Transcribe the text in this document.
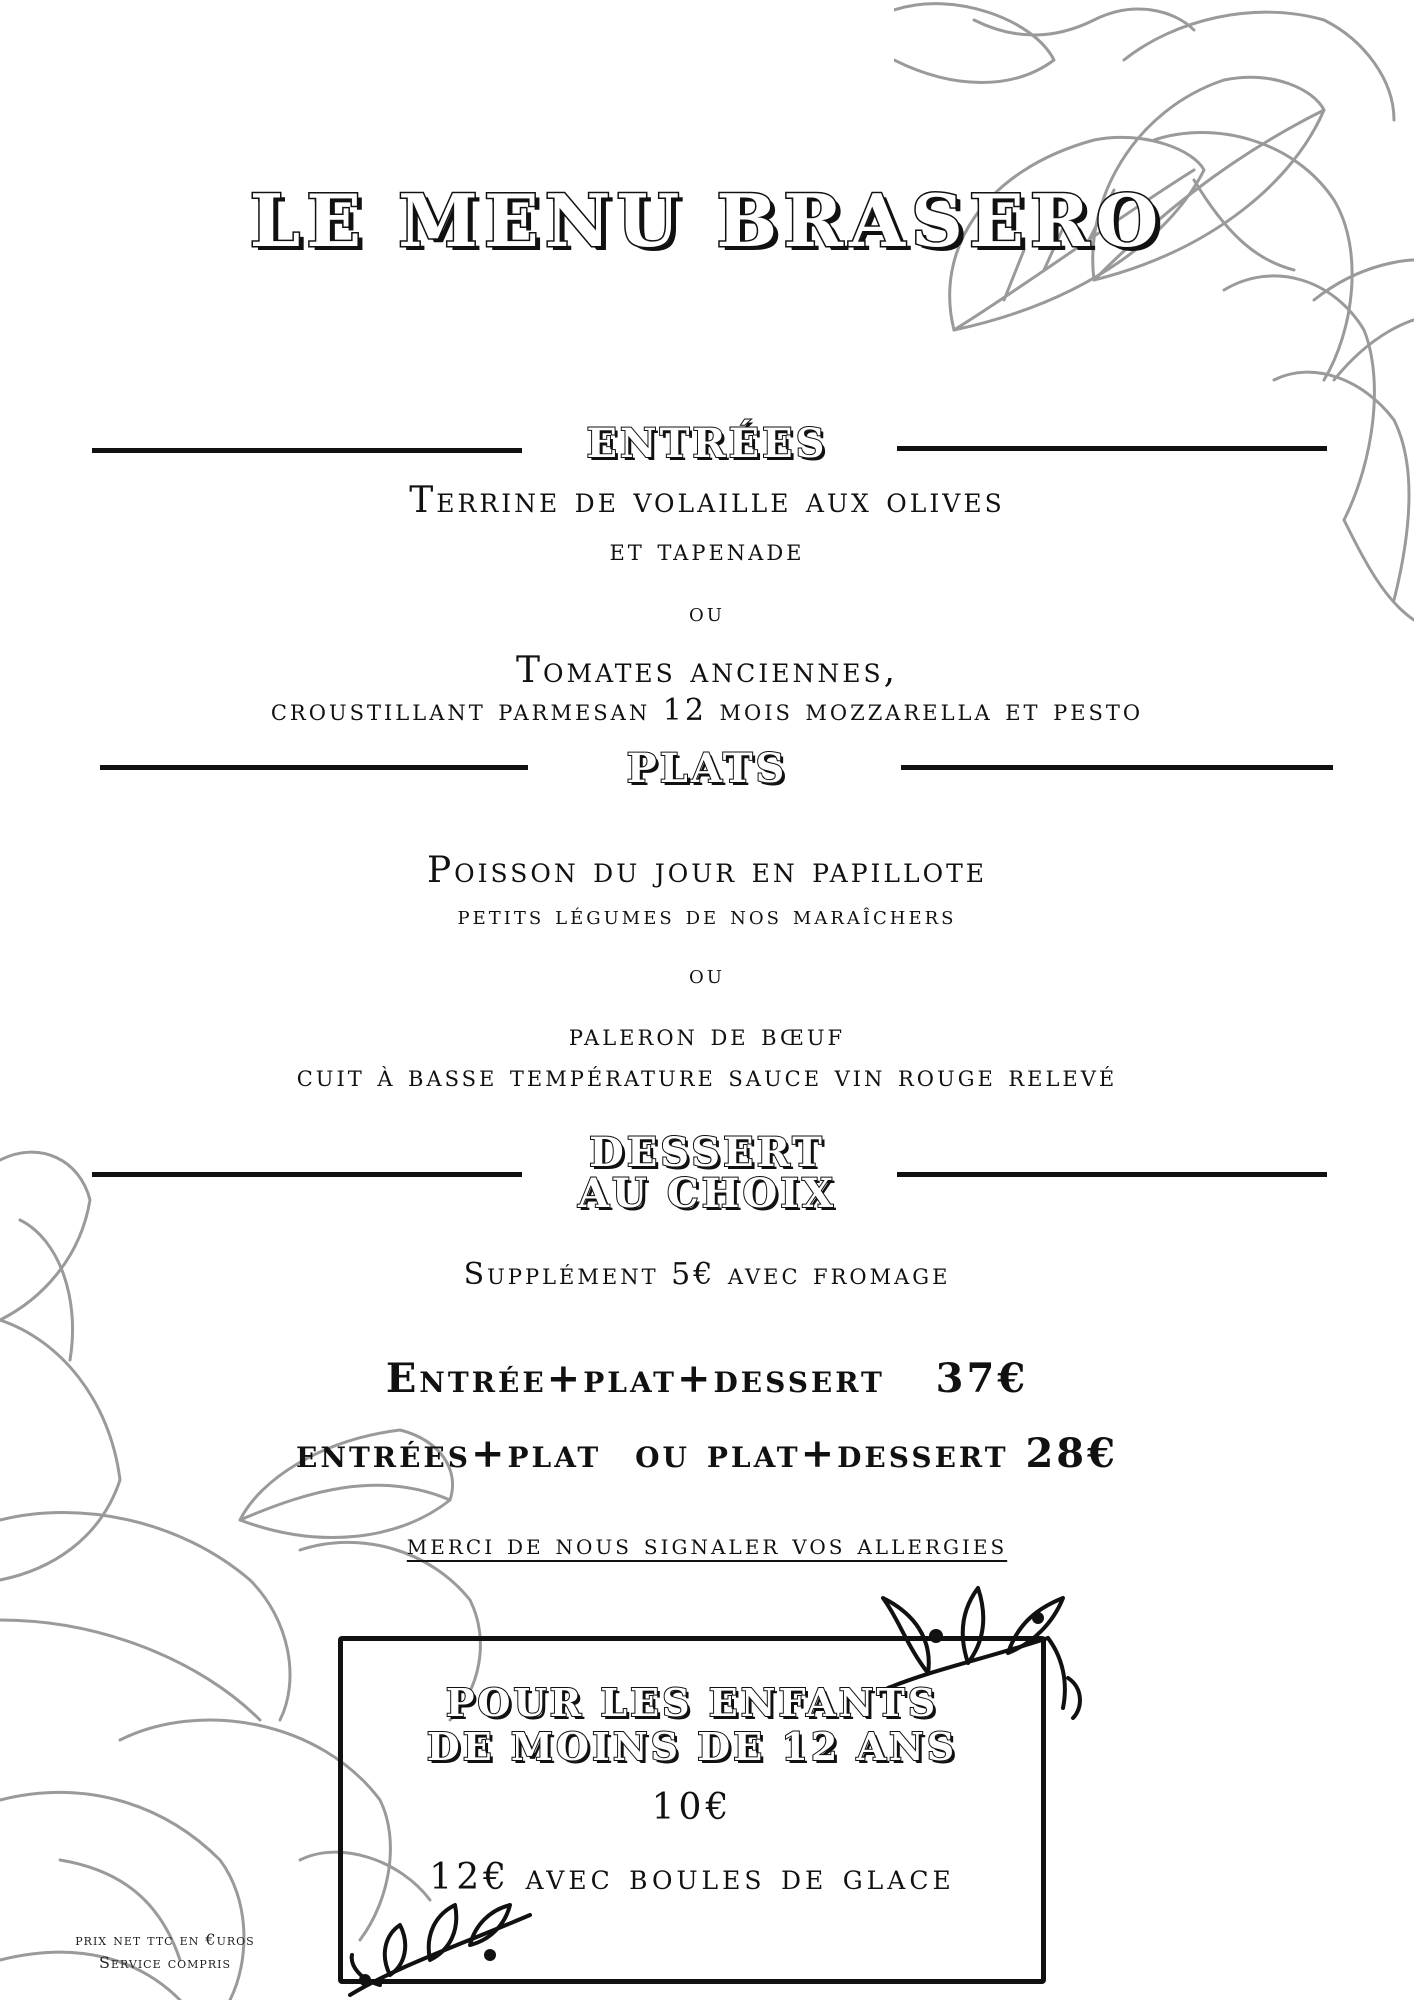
LE MENU BRASERO
ENTRÉES
Terrine de volaille aux olives
et tapenade
ou
Tomates anciennes,
croustillant parmesan 12 mois mozzarella et pesto
PLATS
Poisson du jour en papillote
petits légumes de nos maraîchers
ou
paleron de bœuf
cuit à basse température sauce vin rouge relevé
DESSERT
AU CHOIX
Supplément 5€ avec fromage
Entrée+plat+dessert   37€
entrées+plat  ou plat+dessert 28€
merci de nous signaler vos allergies
POUR LES ENFANTS
DE MOINS DE 12 ANS
10€
12€ avec boules de glace
prix net ttc en €uros
Service compris
